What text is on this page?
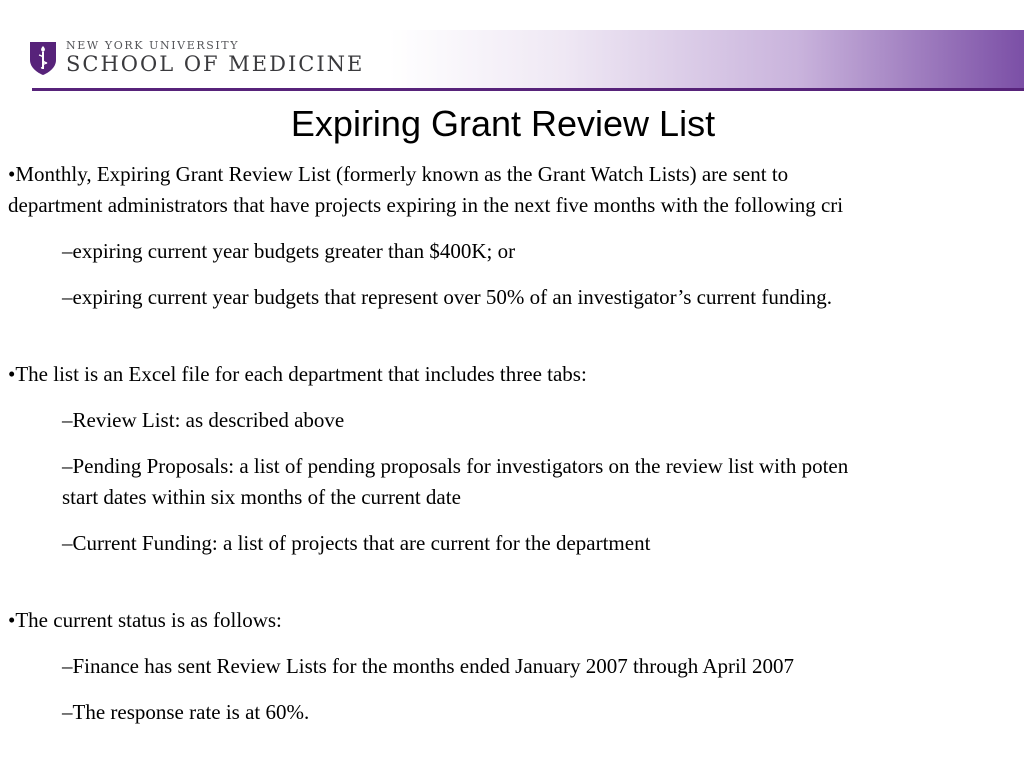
NEW YORK UNIVERSITY
SCHOOL OF MEDICINE
Expiring Grant Review List
•Monthly, Expiring Grant Review List (formerly known as the Grant Watch Lists) are sent to
department administrators that have projects expiring in the next five months with the following cri
–expiring current year budgets greater than $400K; or
–expiring current year budgets that represent over 50% of an investigator’s current funding.
•The list is an Excel file for each department that includes three tabs:
–Review List: as described above
–Pending Proposals: a list of pending proposals for investigators on the review list with poten
start dates within six months of the current date
–Current Funding: a list of projects that are current for the department
•The current status is as follows:
–Finance has sent Review Lists for the months ended January 2007 through April 2007
–The response rate is at 60%.
